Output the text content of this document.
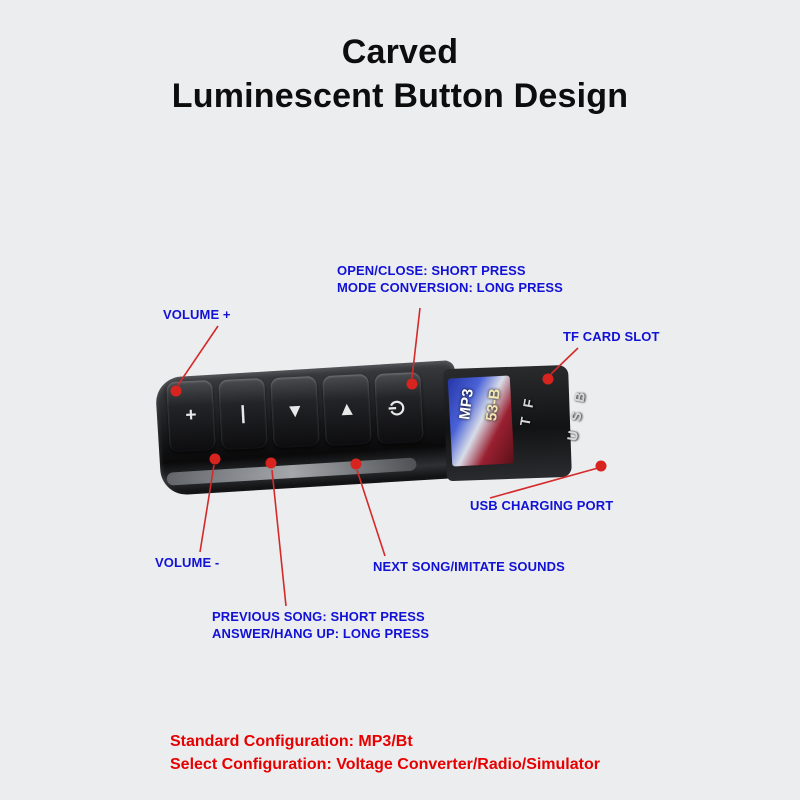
Carved
Luminescent Button Design
+ | ▼ ▲ ⏻	MP3 53-B T F U S B
VOLUME +
OPEN/CLOSE: SHORT PRESS
MODE CONVERSION: LONG PRESS
TF CARD SLOT
USB CHARGING PORT
NEXT SONG/IMITATE SOUNDS
VOLUME -
PREVIOUS SONG: SHORT PRESS
ANSWER/HANG UP: LONG PRESS
Standard Configuration: MP3/Bt
Select Configuration: Voltage Converter/Radio/Simulator
